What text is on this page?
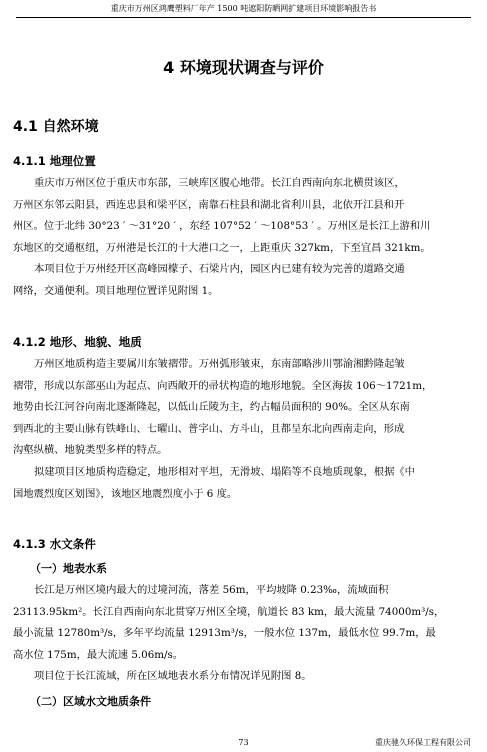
重庆市万州区鸿鹰塑料厂年产 1500 吨遮阳防晒网扩建项目环境影响报告书
4 环境现状调查与评价
4.1 自然环境
4.1.1 地理位置
重庆市万州区位于重庆市东部，三峡库区腹心地带。长江自西南向东北横贯该区，
万州区东邻云阳县，西连忠县和梁平区，南靠石柱县和湖北省利川县，北依开江县和开
州区。位于北纬 30°23 ′ ～31°20 ′ ，东经 107°52 ′ ～108°53 ′ 。万州区是长江上游和川
东地区的交通枢纽，万州港是长江的十大港口之一，上距重庆 327km，下至宜昌 321km。
本项目位于万州经开区高峰园檬子、石梁片内，园区内已建有较为完善的道路交通
网络，交通便利。项目地理位置详见附图 1。
4.1.2 地形、地貌、地质
万州区地质构造主要属川东皱褶带。万州弧形皱束，东南部略涉川鄂渝湘黔隆起皱
褶带，形成以东部巫山为起点、向西敞开的帚状构造的地形地貌。全区海拔 106～1721m，
地势由长江河谷向南北逐渐隆起，以低山丘陵为主，约占幅员面积的 90%。全区从东南
到西北的主要山脉有铁峰山、七曜山、普字山、方斗山，且都呈东北向西南走向，形成
沟壑纵横、地貌类型多样的特点。
拟建项目区地质构造稳定，地形相对平坦，无滑坡、塌陷等不良地质现象，根据《中
国地震烈度区划图》，该地区地震烈度小于 6 度。
4.1.3 水文条件
（一）地表水系
长江是万州区境内最大的过境河流，落差 56m，平均坡降 0.23‰，流域面积
23113.95km²。长江自西南向东北贯穿万州区全境，航道长 83 km，最大流量 74000m³/s，
最小流量 12780m³/s，多年平均流量 12913m³/s，一般水位 137m，最低水位 99.7m，最
高水位 175m，最大流速 5.06m/s。
项目位于长江流域，所在区域地表水系分布情况详见附图 8。
（二）区域水文地质条件
73	重庆驰久环保工程有限公司
